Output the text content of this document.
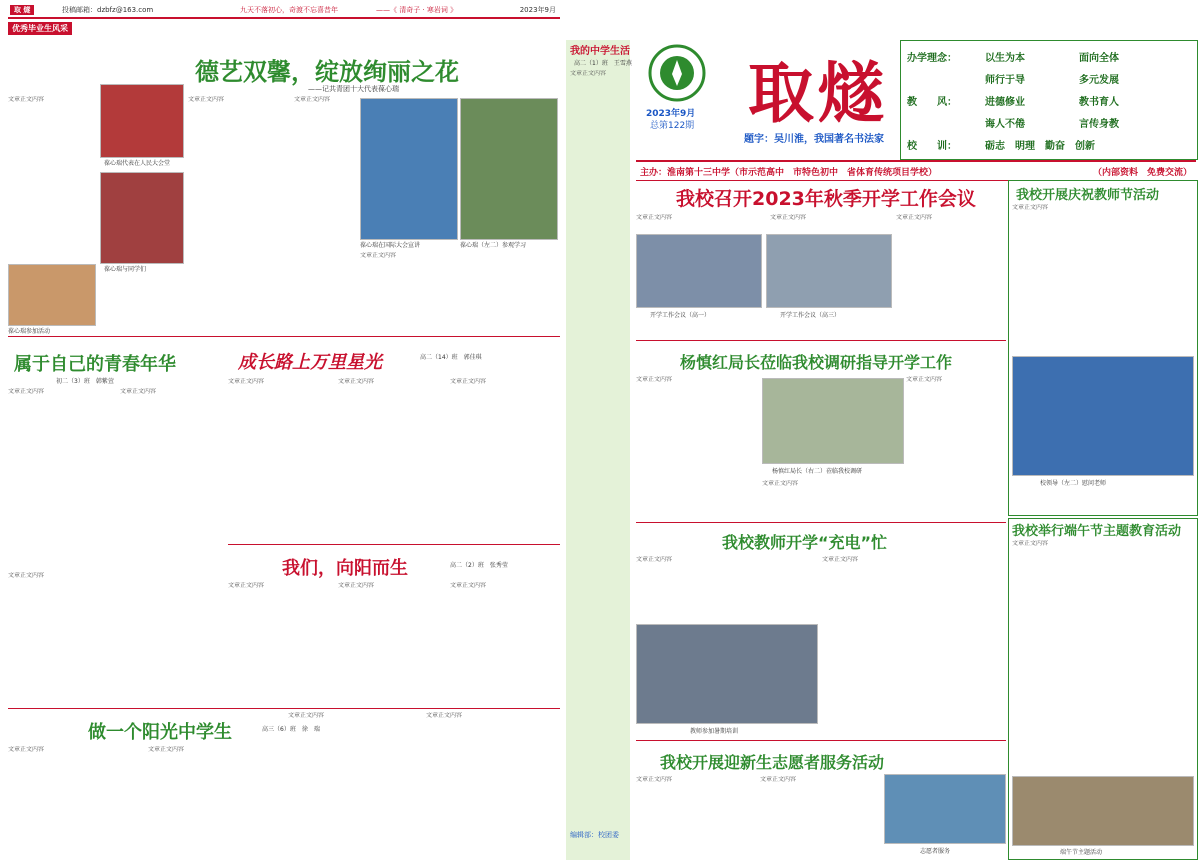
取 燧	投稿邮箱：dzbfz@163.com	九天不落初心，奇渡不忘喜昔年	——《 清奇子 · 寒岩词 》	2023年9月
优秀毕业生风采
德艺双馨，绽放绚丽之花
——记共青团十大代表葆心瑞
文章正文内容
葆心瑞代表在人民大会堂
葆心瑞与同学们
葆心瑞参加活动
文章正文内容	文章正文内容
葆心瑞在国际大会宣讲	葆心瑞（左二）参观学习
文章正文内容
属于自己的青春年华
初二（3）班　韩紫萱
文章正文内容	文章正文内容
成长路上万里星光	高二（14）班　郭佳琪
文章正文内容	文章正文内容	文章正文内容
我们，向阳而生	高二（2）班　张秀莹
文章正文内容	文章正文内容	文章正文内容
文章正文内容
做一个阳光中学生	高三（6）班　徐　瑞
文章正文内容	文章正文内容
文章正文内容	文章正文内容
我的中学生活
高二（1）班　王雪燕
文章正文内容
编辑部：校团委
2023年9月
总第122期 取燧
题字：吴川淮，我国著名书法家
办学理念：	以生为本	面向全体
师行于导	多元发展
教　　风：	进德修业	教书育人
诲人不倦	言传身教
校　　训：	砺志　明理　勤奋　创新
主办：淮南第十三中学（市示范高中　市特色初中　省体育传统项目学校）	（内部资料　免费交流）
我校召开2023年秋季开学工作会议
文章正文内容	文章正文内容
开学工作会议（高一）	开学工作会议（高三）
文章正文内容
杨慎红局长莅临我校调研指导开学工作
文章正文内容
杨慎红局长（右二）莅临我校调研
文章正文内容
文章正文内容
我校开展庆祝教师节活动
文章正文内容
校领导（左二）慰问老师
我校教师开学“充电”忙
文章正文内容
教师参加暑期培训
文章正文内容
我校举行端午节主题教育活动
文章正文内容
端午节主题活动
我校开展迎新生志愿者服务活动
文章正文内容	文章正文内容
志愿者服务
